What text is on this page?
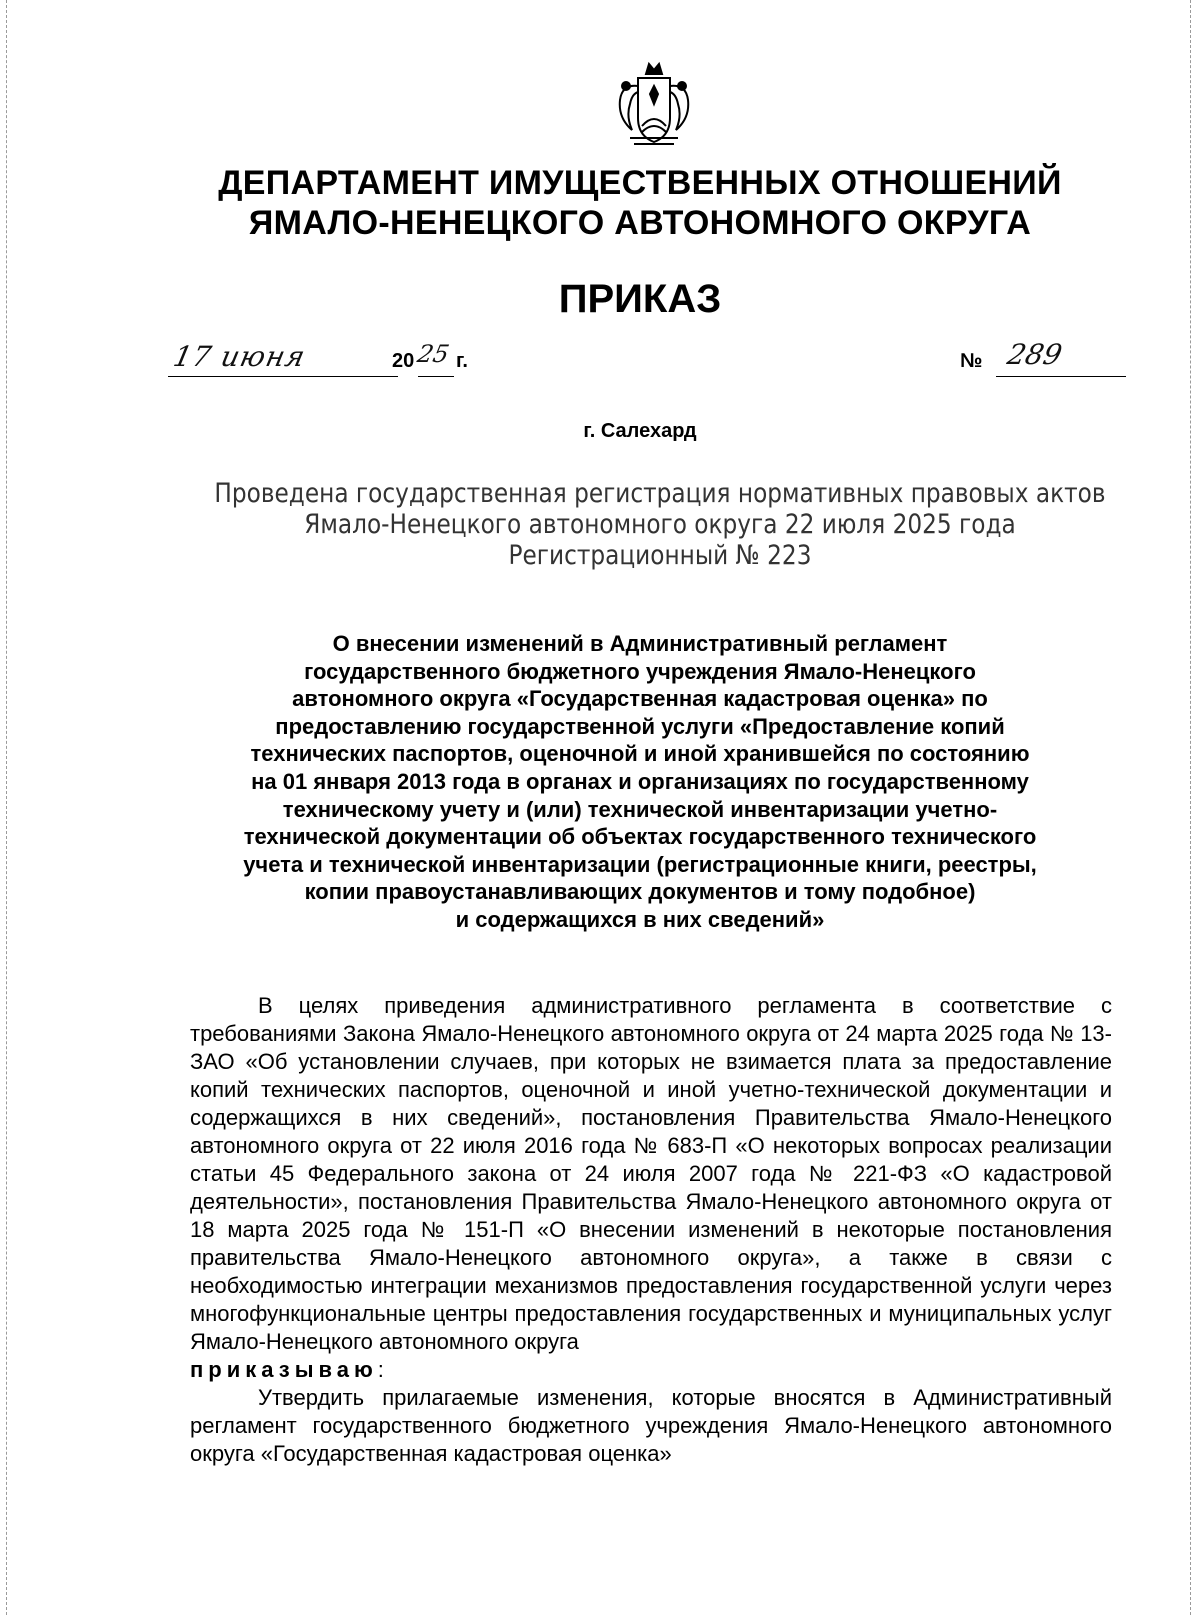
ДЕПАРТАМЕНТ ИМУЩЕСТВЕННЫХ ОТНОШЕНИЙ
ЯМАЛО-НЕНЕЦКОГО АВТОНОМНОГО ОКРУГА
ПРИКАЗ
17 июня	20 25 г.	№ 289
г. Салехард
Проведена государственная регистрация нормативных правовых актов
Ямало-Ненецкого автономного округа 22 июля 2025 года
Регистрационный № 223
О внесении изменений в Административный регламент
государственного бюджетного учреждения Ямало-Ненецкого
автономного округа «Государственная кадастровая оценка» по
предоставлению государственной услуги «Предоставление копий
технических паспортов, оценочной и иной хранившейся по состоянию
на 01 января 2013 года в органах и организациях по государственному
техническому учету и (или) технической инвентаризации учетно-
технической документации об объектах государственного технического
учета и технической инвентаризации (регистрационные книги, реестры,
копии правоустанавливающих документов и тому подобное)
и содержащихся в них сведений»

В целях приведения административного регламента в соответствие с требованиями Закона Ямало-Ненецкого автономного округа от 24 марта 2025 года № 13-ЗАО «Об установлении случаев, при которых не взимается плата за предоставление копий технических паспортов, оценочной и иной учетно-технической документации и содержащихся в них сведений», постановления Правительства Ямало-Ненецкого автономного округа от 22 июля 2016 года № 683-П «О некоторых вопросах реализации статьи 45 Федерального закона от 24 июля 2007 года № 221-ФЗ «О кадастровой деятельности», постановления Правительства Ямало-Ненецкого автономного округа от 18 марта 2025 года № 151-П «О внесении изменений в некоторые постановления правительства Ямало-Ненецкого автономного округа», а также в связи с необходимостью интеграции механизмов предоставления государственной услуги через многофункциональные центры предоставления государственных и муниципальных услуг Ямало-Ненецкого автономного округа
приказываю:

Утвердить прилагаемые изменения, которые вносятся в Административный регламент государственного бюджетного учреждения Ямало-Ненецкого автономного округа «Государственная кадастровая оценка»
